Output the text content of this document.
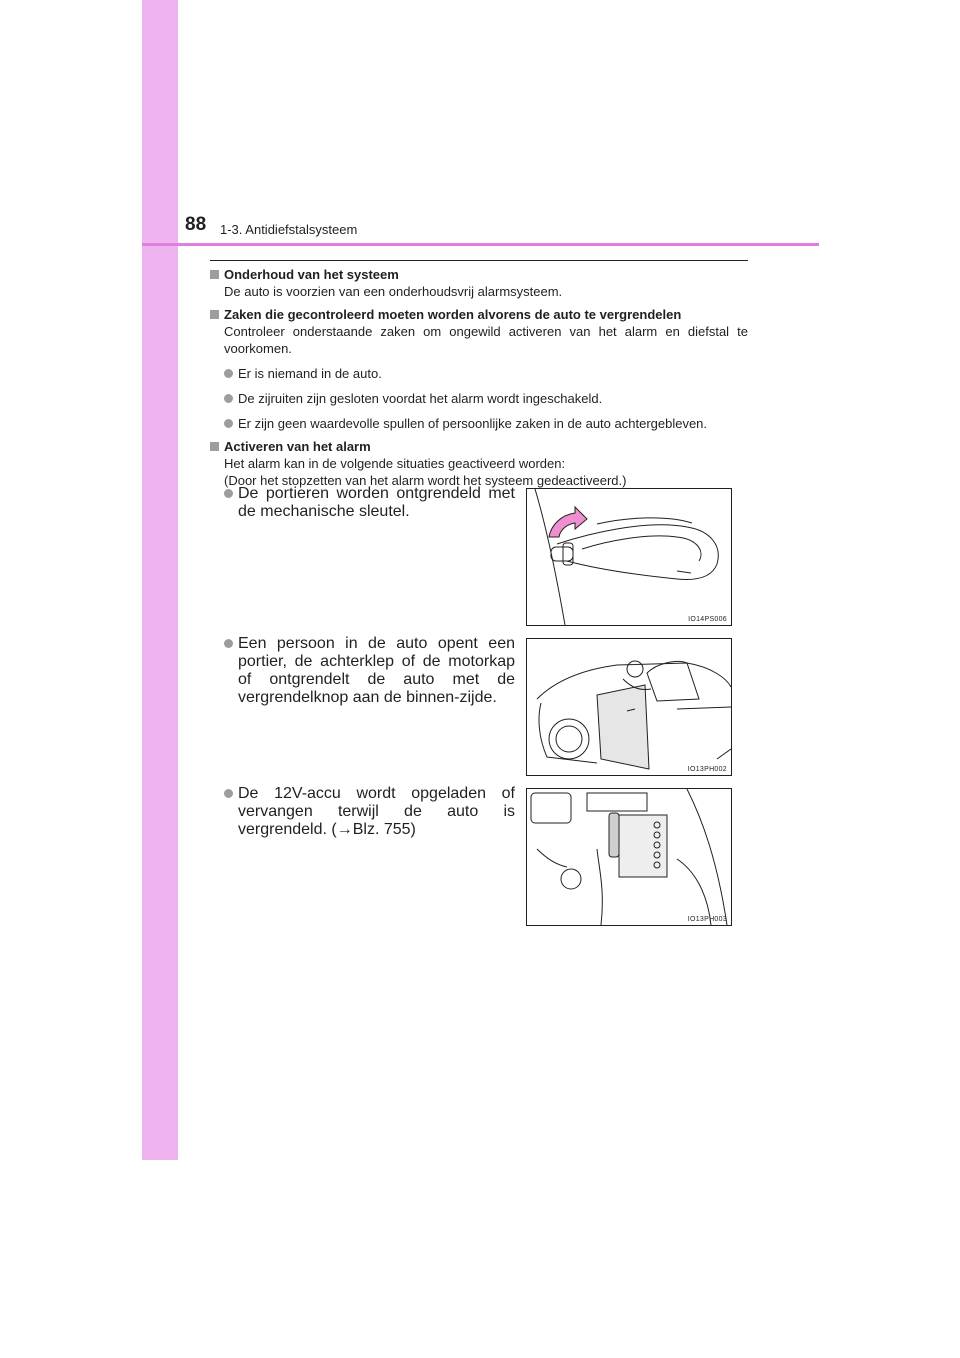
88 1-3. Antidiefstalsysteem
Onderhoud van het systeem
De auto is voorzien van een onderhoudsvrij alarmsysteem.
Zaken die gecontroleerd moeten worden alvorens de auto te vergrendelen
Controleer onderstaande zaken om ongewild activeren van het alarm en diefstal te voorkomen.
Er is niemand in de auto.
De zijruiten zijn gesloten voordat het alarm wordt ingeschakeld.
Er zijn geen waardevolle spullen of persoonlijke zaken in de auto achtergebleven.
Activeren van het alarm
Het alarm kan in de volgende situaties geactiveerd worden:
(Door het stopzetten van het alarm wordt het systeem gedeactiveerd.)
De portieren worden ontgrendeld met de mechanische sleutel.
IO14PS006
Een persoon in de auto opent een portier, de achterklep of de motorkap of ontgrendelt de auto met de vergrendelknop aan de binnen-zijde.
IO13PH002
De 12V-accu wordt opgeladen of vervangen terwijl de auto is vergrendeld. (→Blz. 755)
IO13PH003
